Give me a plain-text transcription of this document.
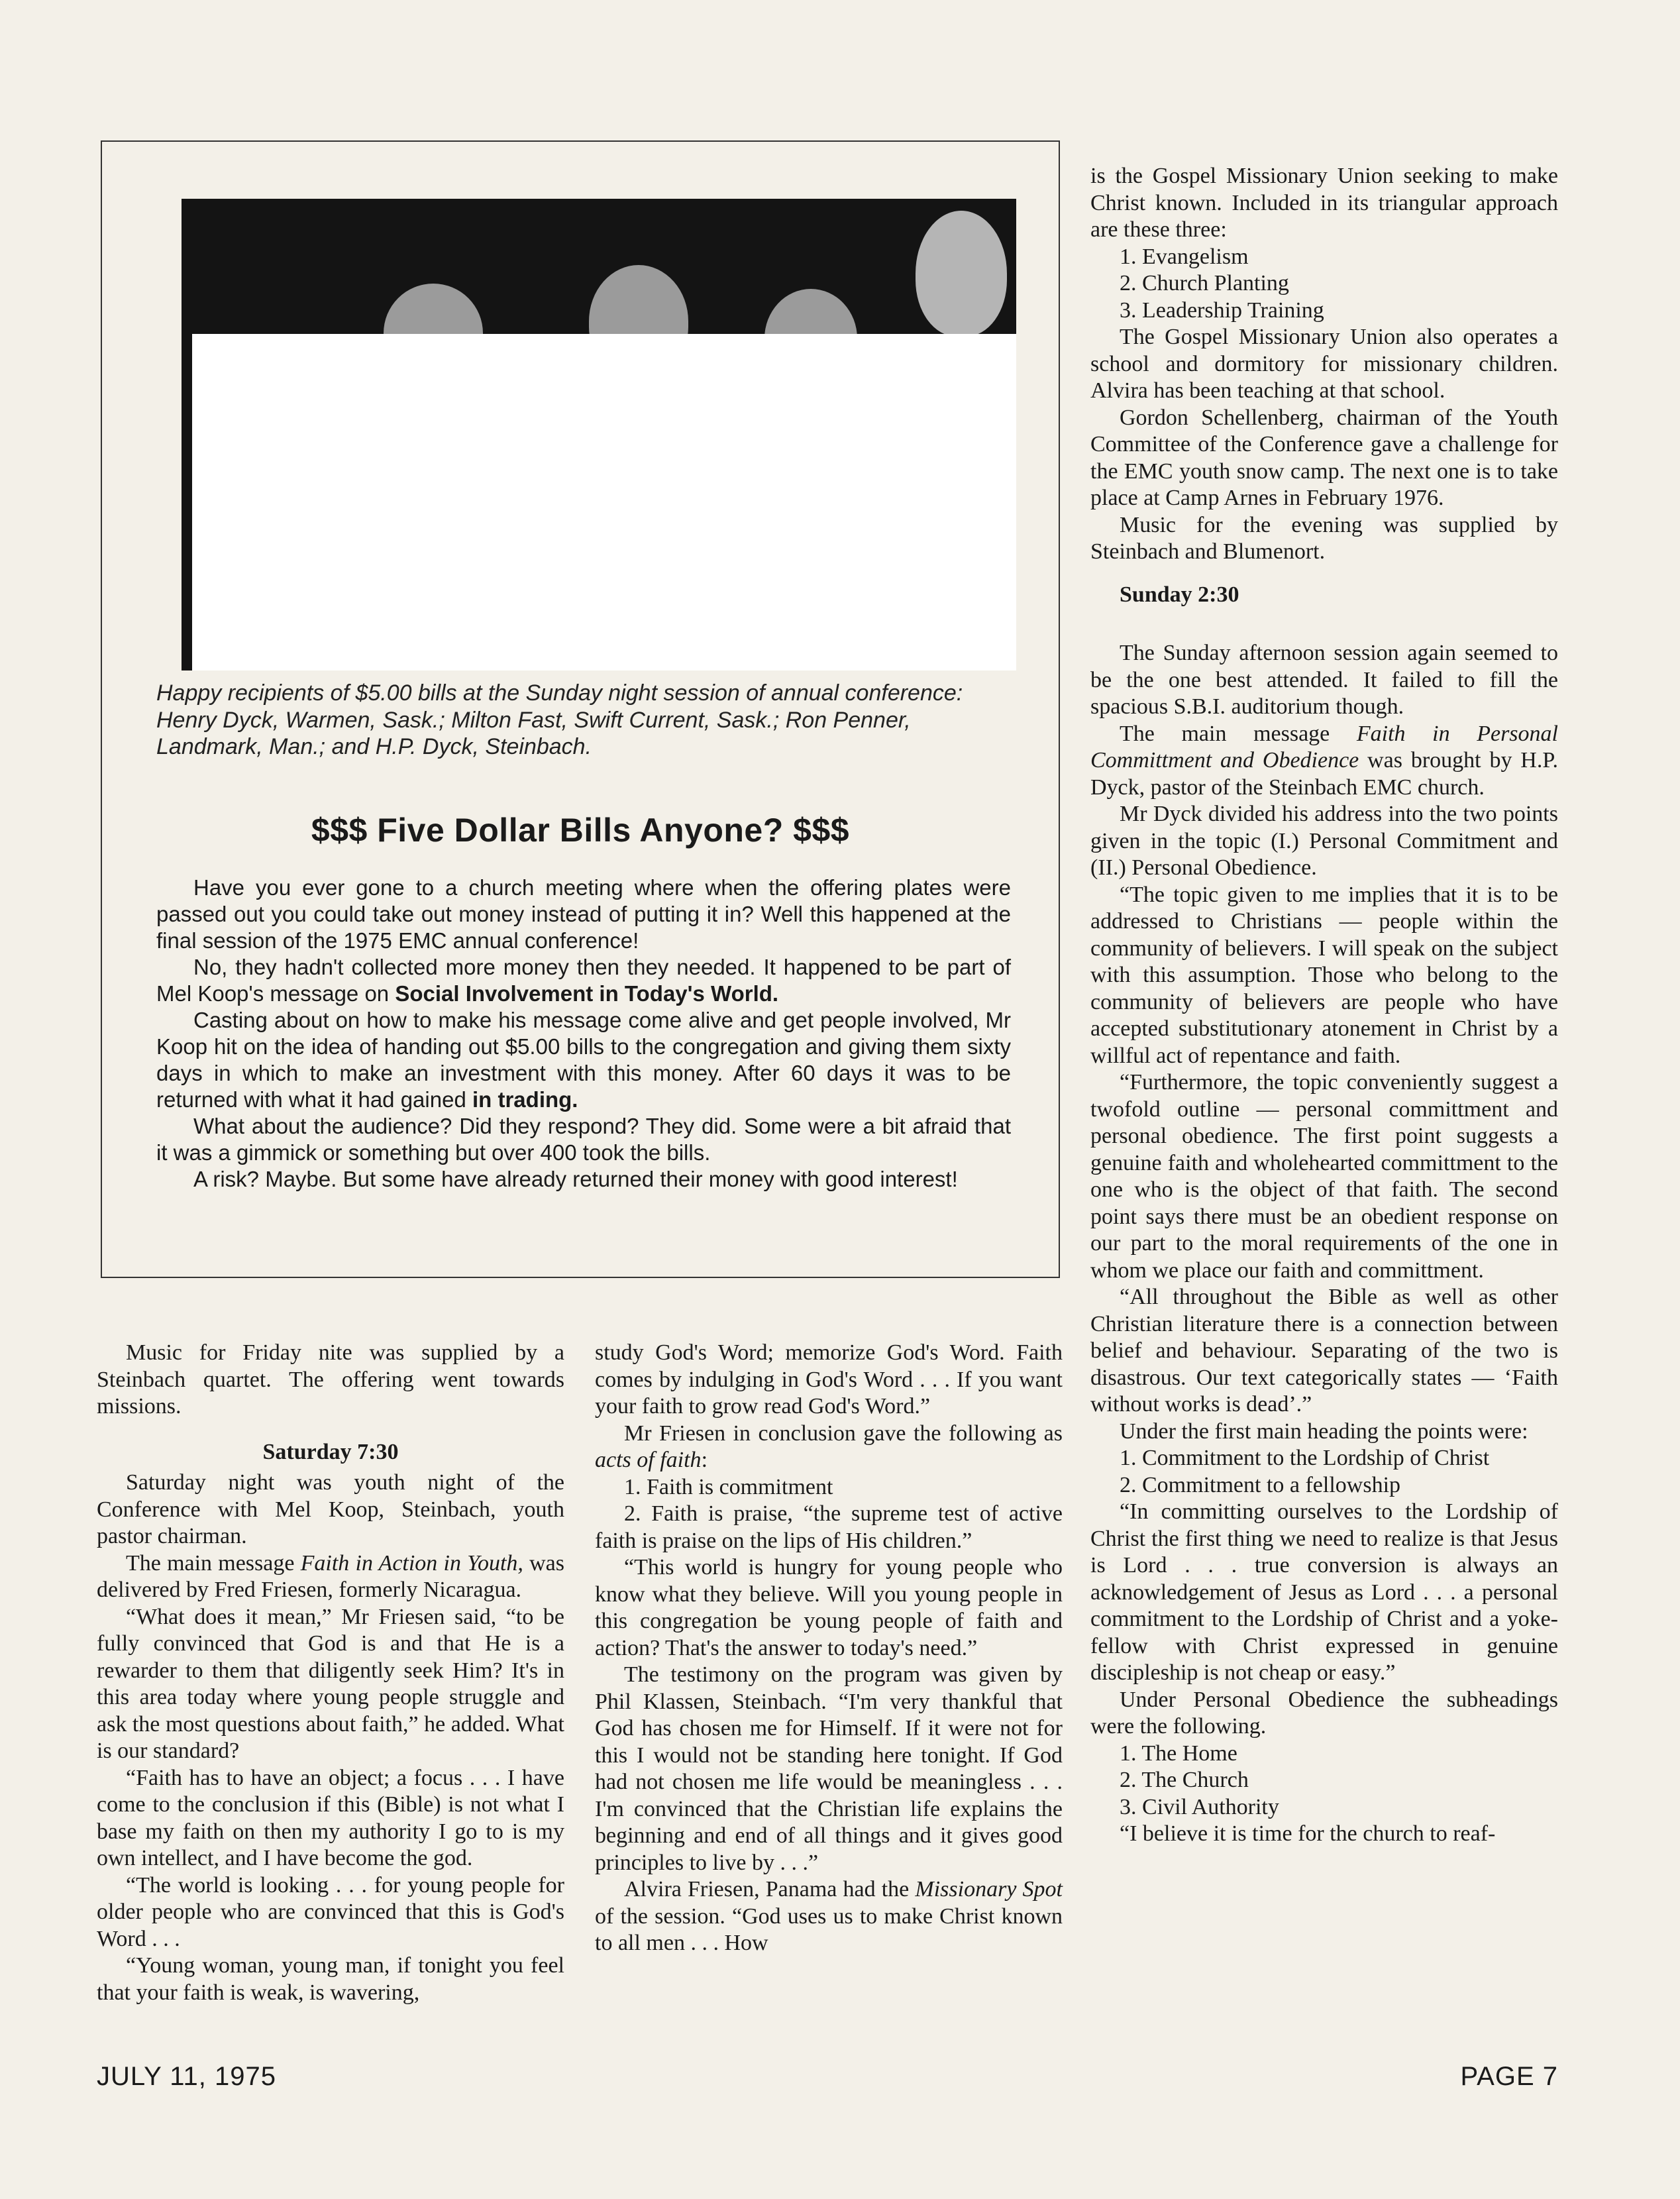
Happy recipients of $5.00 bills at the Sunday night session of annual conference: Henry Dyck, Warmen, Sask.; Milton Fast, Swift Current, Sask.; Ron Penner, Landmark, Man.; and H.P. Dyck, Steinbach.
$$$ Five Dollar Bills Anyone? $$$

Have you ever gone to a church meeting where when the offering plates were passed out you could take out money instead of putting it in? Well this happened at the final session of the 1975 EMC annual conference!

No, they hadn't collected more money then they needed. It happened to be part of Mel Koop's message on Social Involvement in Today's World.

Casting about on how to make his message come alive and get people involved, Mr Koop hit on the idea of handing out $5.00 bills to the congregation and giving them sixty days in which to make an investment with this money. After 60 days it was to be returned with what it had gained in trading.

What about the audience? Did they respond? They did. Some were a bit afraid that it was a gimmick or something but over 400 took the bills.

A risk? Maybe. But some have already returned their money with good interest!

Music for Friday nite was supplied by a Steinbach quartet. The offering went towards missions.

Saturday 7:30

Saturday night was youth night of the Conference with Mel Koop, Steinbach, youth pastor chairman.

The main message Faith in Action in Youth, was delivered by Fred Friesen, formerly Nicaragua.

“What does it mean,” Mr Friesen said, “to be fully convinced that God is and that He is a rewarder to them that diligently seek Him? It's in this area today where young people struggle and ask the most questions about faith,” he added. What is our standard?

“Faith has to have an object; a focus . . . I have come to the conclusion if this (Bible) is not what I base my faith on then my authority I go to is my own intellect, and I have become the god.

“The world is looking . . . for young people for older people who are convinced that this is God's Word . . .

“Young woman, young man, if tonight you feel that your faith is weak, is wavering,

study God's Word; memorize God's Word. Faith comes by indulging in God's Word . . . If you want your faith to grow read God's Word.”

Mr Friesen in conclusion gave the following as acts of faith:

1. Faith is commitment

2. Faith is praise, “the supreme test of active faith is praise on the lips of His children.”

“This world is hungry for young people who know what they believe. Will you young people in this congregation be young people of faith and action? That's the answer to today's need.”

The testimony on the program was given by Phil Klassen, Steinbach. “I'm very thankful that God has chosen me for Himself. If it were not for this I would not be standing here tonight. If God had not chosen me life would be meaningless . . . I'm convinced that the Christian life explains the beginning and end of all things and it gives good principles to live by . . .”

Alvira Friesen, Panama had the Missionary Spot of the session. “God uses us to make Christ known to all men . . . How

is the Gospel Missionary Union seeking to make Christ known. Included in its triangular approach are these three:

1. Evangelism

2. Church Planting

3. Leadership Training

The Gospel Missionary Union also operates a school and dormitory for missionary children. Alvira has been teaching at that school.

Gordon Schellenberg, chairman of the Youth Committee of the Conference gave a challenge for the EMC youth snow camp. The next one is to take place at Camp Arnes in February 1976.

Music for the evening was supplied by Steinbach and Blumenort.

Sunday 2:30

The Sunday afternoon session again seemed to be the one best attended. It failed to fill the spacious S.B.I. auditorium though.

The main message Faith in Personal Committment and Obedience was brought by H.P. Dyck, pastor of the Steinbach EMC church.

Mr Dyck divided his address into the two points given in the topic (I.) Personal Commitment and (II.) Personal Obedience.

“The topic given to me implies that it is to be addressed to Christians — people within the community of believers. I will speak on the subject with this assumption. Those who belong to the community of believers are people who have accepted substitutionary atonement in Christ by a willful act of repentance and faith.

“Furthermore, the topic conveniently suggest a twofold outline — personal committment and personal obedience. The first point suggests a genuine faith and wholehearted committment to the one who is the object of that faith. The second point says there must be an obedient response on our part to the moral requirements of the one in whom we place our faith and committment.

“All throughout the Bible as well as other Christian literature there is a connection between belief and behaviour. Separating of the two is disastrous. Our text categorically states — ‘Faith without works is dead’.”

Under the first main heading the points were:

1. Commitment to the Lordship of Christ

2. Commitment to a fellowship

“In committing ourselves to the Lordship of Christ the first thing we need to realize is that Jesus is Lord . . . true conversion is always an acknowledgement of Jesus as Lord . . . a personal commitment to the Lordship of Christ and a yoke-fellow with Christ expressed in genuine discipleship is not cheap or easy.”

Under Personal Obedience the subheadings were the following.

1. The Home

2. The Church

3. Civil Authority

“I believe it is time for the church to reaf-

JULY 11, 1975	PAGE 7
